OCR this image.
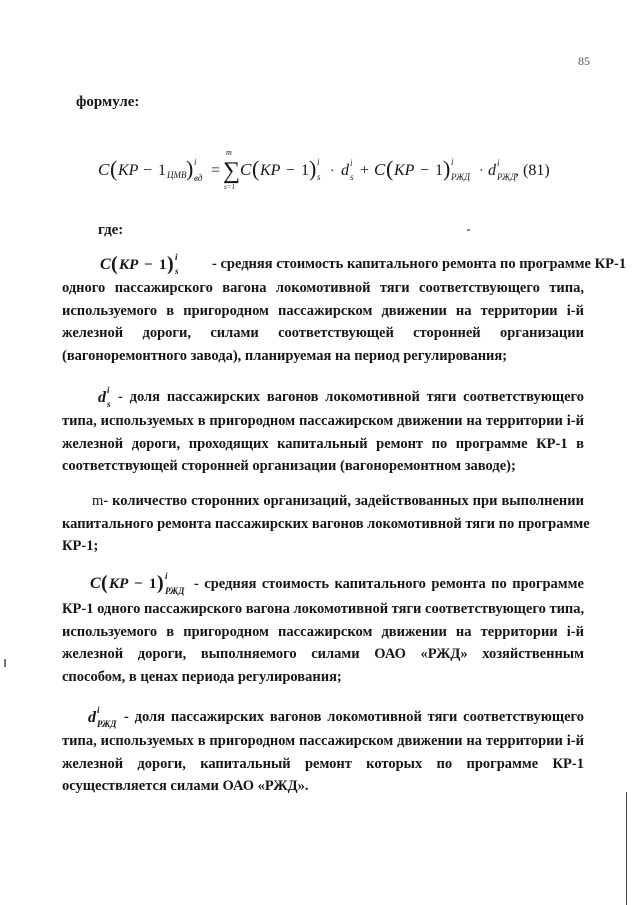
85
формуле:
C ( КР − 1 ЦМВ ) i
вд =
m
∑
s=1
C ( КР − 1 ) i
s · d i
s + C ( КР − 1 ) i
РЖД · d i
РЖД
, (81)
где:
C ( КР − 1 ) i
s - средняя стоимость капитального ремонта по программе КР-1
одного пассажирского вагона локомотивной тяги соответствующего типа,
используемого в пригородном пассажирском движении на территории i-й
железной дороги, силами соответствующей сторонней организации
(вагоноремонтного завода), планируемая на период регулирования;
d i
s - доля пассажирских вагонов локомотивной тяги соответствующего
типа, используемых в пригородном пассажирском движении на территории i-й
железной дороги, проходящих капитальный ремонт по программе КР-1 в
соответствующей сторонней организации (вагоноремонтном заводе);
m - количество сторонних организаций, задействованных при выполнении
капитального ремонта пассажирских вагонов локомотивной тяги по программе
КР-1;
C ( КР − 1 ) i
РЖД - средняя стоимость капитального ремонта по программе
КР-1 одного пассажирского вагона локомотивной тяги соответствующего типа,
используемого в пригородном пассажирском движении на территории i-й
железной дороги, выполняемого силами ОАО «РЖД» хозяйственным
способом, в ценах периода регулирования;
d i
РЖД - доля пассажирских вагонов локомотивной тяги соответствующего
типа, используемых в пригородном пассажирском движении на территории i-й
железной дороги, капитальный ремонт которых по программе КР-1
осуществляется силами ОАО «РЖД».
